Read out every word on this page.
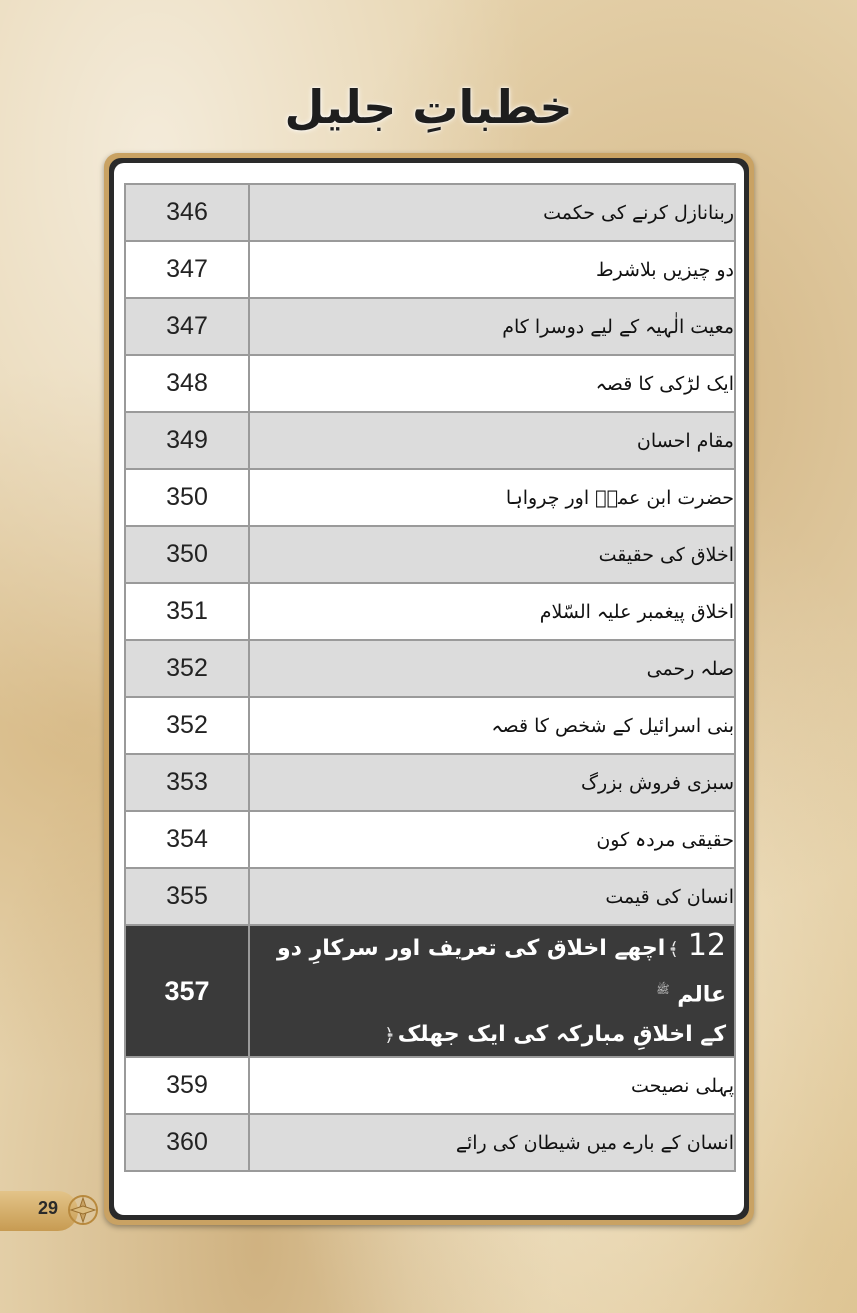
خطباتِ جلیل
346	ربنانازل کرنے کی حکمت
347	دو چیزیں بلاشرط
347	معیت الٰہیہ کے لیے دوسرا کام
348	ایک لڑکی کا قصہ
349	مقام احسان
350	حضرت ابن عمرؓ اور چرواہا
350	اخلاق کی حقیقت
351	اخلاق پیغمبر علیہ السّلام
352	صلہ رحمی
352	بنی اسرائیل کے شخص کا قصہ
353	سبزی فروش بزرگ
354	حقیقی مردہ کون
355	انسان کی قیمت
357	12﴾اچھے اخلاق کی تعریف اور سرکارِ دو عالم $^ﷺ$
کے اخلاقِ مبارکہ کی ایک جھلک﴿

359	پہلی نصیحت
360	انسان کے بارے میں شیطان کی رائے
29
